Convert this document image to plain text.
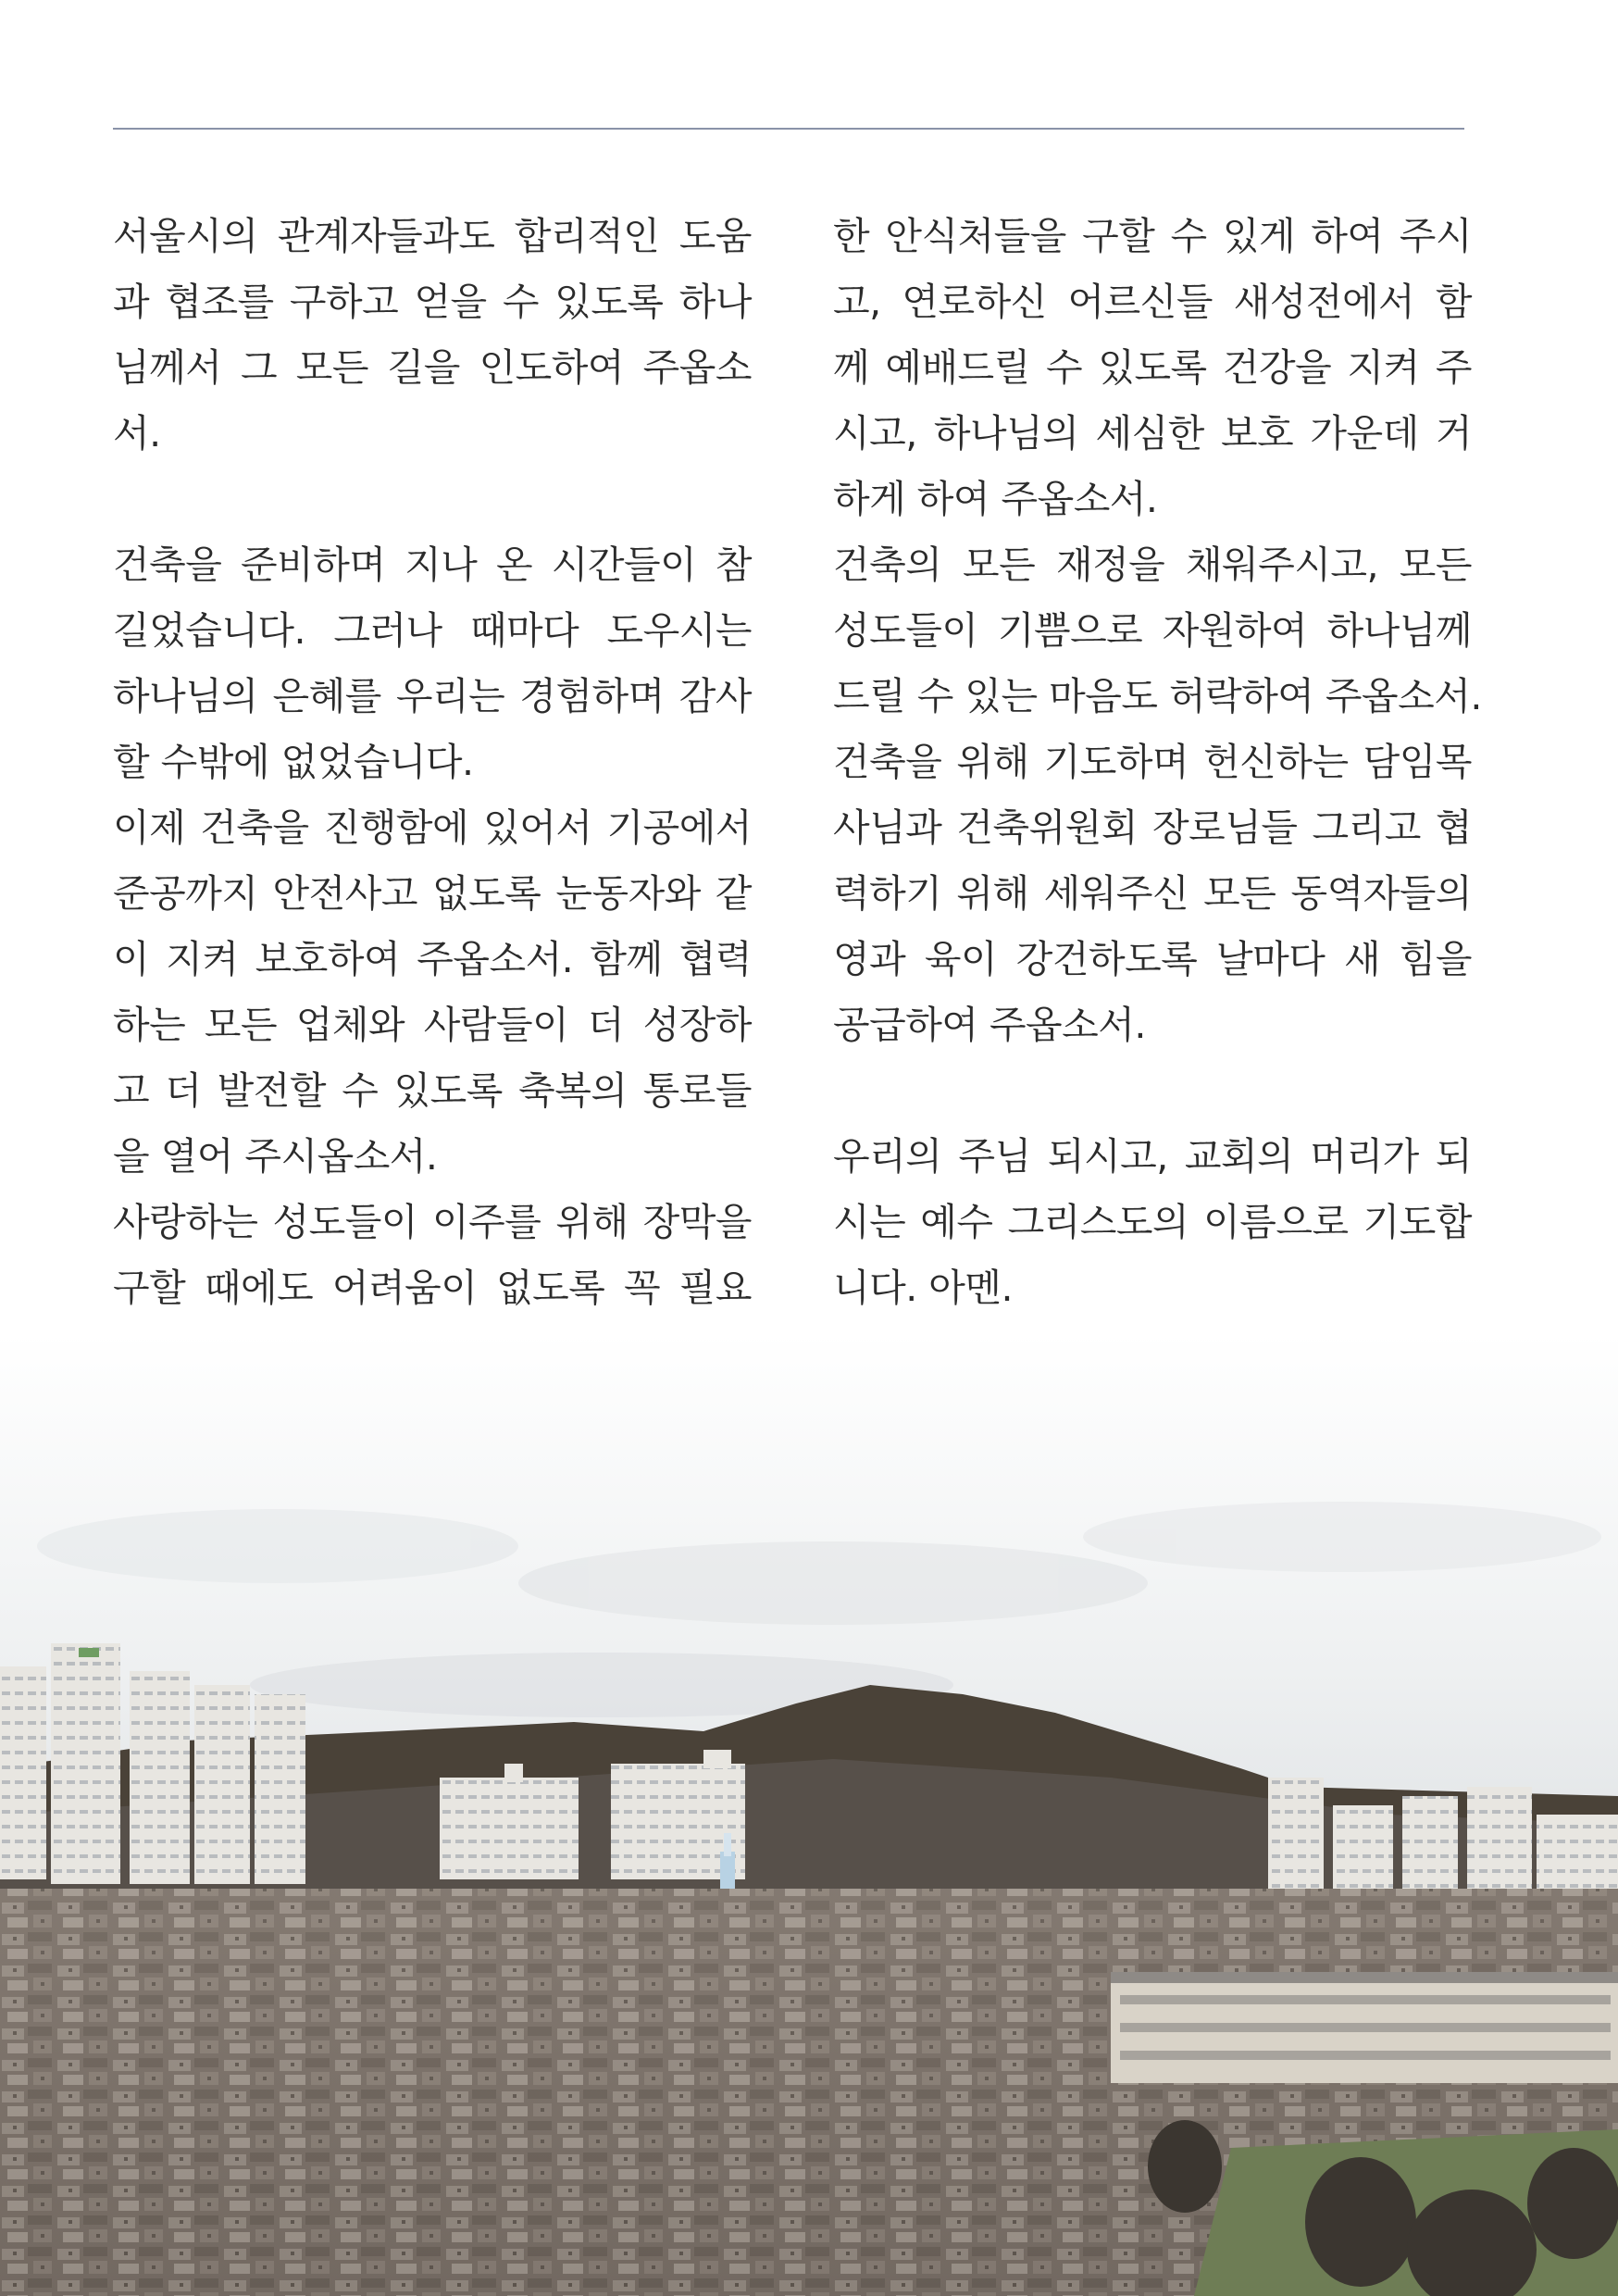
서울시의 관계자들과도 합리적인 도움
과 협조를 구하고 얻을 수 있도록 하나
님께서 그 모든 길을 인도하여 주옵소
서.
건축을 준비하며 지나 온 시간들이 참
길었습니다. 그러나 때마다 도우시는
하나님의 은혜를 우리는 경험하며 감사
할 수밖에 없었습니다.
이제 건축을 진행함에 있어서 기공에서
준공까지 안전사고 없도록 눈동자와 같
이 지켜 보호하여 주옵소서. 함께 협력
하는 모든 업체와 사람들이 더 성장하
고 더 발전할 수 있도록 축복의 통로들
을 열어 주시옵소서.
사랑하는 성도들이 이주를 위해 장막을
구할 때에도 어려움이 없도록 꼭 필요
한 안식처들을 구할 수 있게 하여 주시
고, 연로하신 어르신들 새성전에서 함
께 예배드릴 수 있도록 건강을 지켜 주
시고, 하나님의 세심한 보호 가운데 거
하게 하여 주옵소서.
건축의 모든 재정을 채워주시고, 모든
성도들이 기쁨으로 자원하여 하나님께
드릴 수 있는 마음도 허락하여 주옵소서.
건축을 위해 기도하며 헌신하는 담임목
사님과 건축위원회 장로님들 그리고 협
력하기 위해 세워주신 모든 동역자들의
영과 육이 강건하도록 날마다 새 힘을
공급하여 주옵소서.
우리의 주님 되시고, 교회의 머리가 되
시는 예수 그리스도의 이름으로 기도합
니다. 아멘.
